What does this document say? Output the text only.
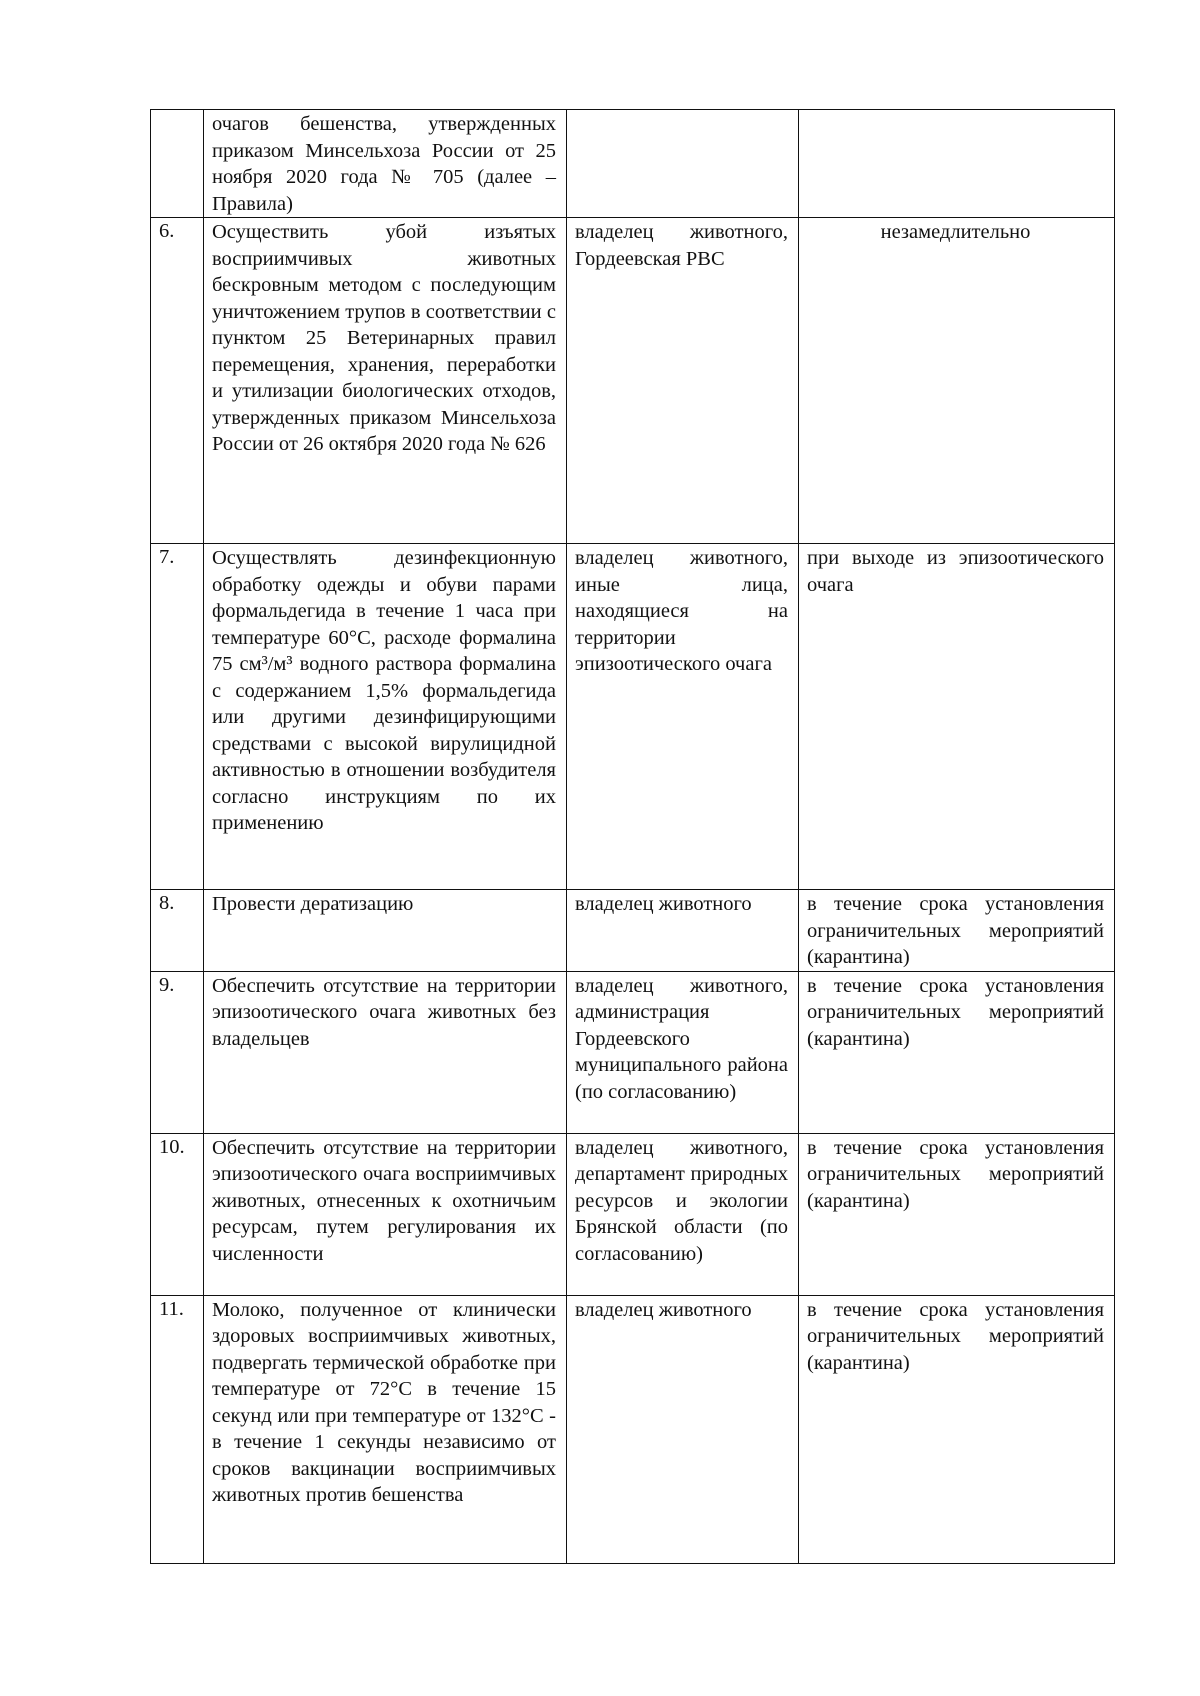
	очагов бешенства, утвержденных приказом Минсельхоза России от 25 ноября 2020 года № 705 (далее – Правила)		
6.	Осуществить убой изъятых восприимчивых животных бескровным методом с последующим уничтожением трупов в соответствии с пунктом 25 Ветеринарных правил перемещения, хранения, переработки и утилизации биологических отходов, утвержденных приказом Минсельхоза России от 26 октября 2020 года № 626	владелец животного, Гордеевская РВС	незамедлительно
7.	Осуществлять дезинфекционную обработку одежды и обуви парами формальдегида в течение 1 часа при температуре 60°С, расходе формалина 75 см³/м³ водного раствора формалина с содержанием 1,5% формальдегида или другими дезинфицирующими средствами с высокой вирулицидной активностью в отношении возбудителя согласно инструкциям по их применению	владелец животного, иные лица, находящиеся на территории эпизоотического очага	при выходе из эпизоотического очага
8.	Провести дератизацию	владелец животного	в течение срока установления ограничительных мероприятий (карантина)
9.	Обеспечить отсутствие на территории эпизоотического очага животных без владельцев	владелец животного, администрация Гордеевского муниципального района (по согласованию)	в течение срока установления ограничительных мероприятий (карантина)
10.	Обеспечить отсутствие на территории эпизоотического очага восприимчивых животных, отнесенных к охотничьим ресурсам, путем регулирования их численности	владелец животного, департамент природных ресурсов и экологии Брянской области (по согласованию)	в течение срока установления ограничительных мероприятий (карантина)
11.	Молоко, полученное от клинически здоровых восприимчивых животных, подвергать термической обработке при температуре от 72°С в течение 15 секунд или при температуре от 132°С - в течение 1 секунды независимо от сроков вакцинации восприимчивых животных против бешенства	владелец животного	в течение срока установления ограничительных мероприятий (карантина)
